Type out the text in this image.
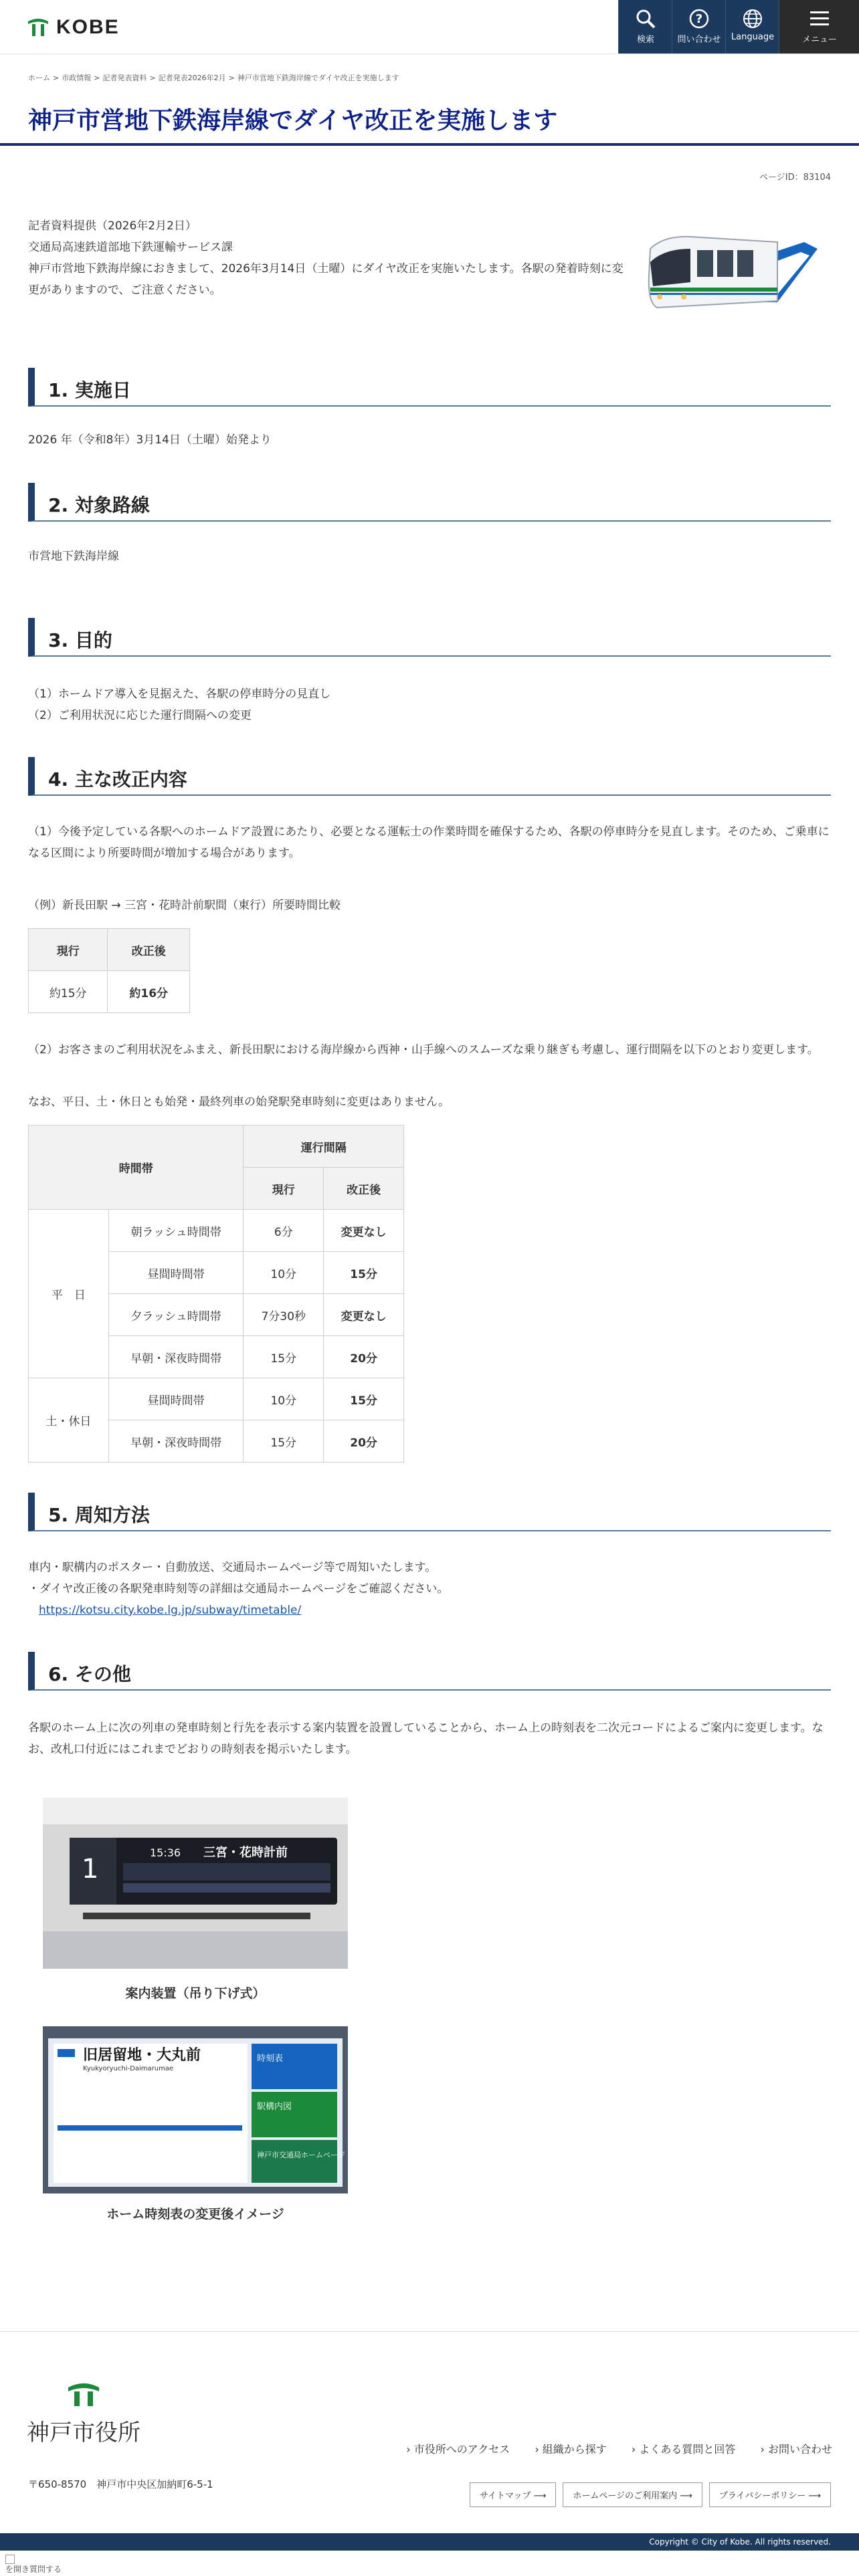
KOBE
検索
?
問い合わせ	Language	メニュー
ホーム > 市政情報 > 記者発表資料 > 記者発表2026年2月 > 神戸市営地下鉄海岸線でダイヤ改正を実施します
神戸市営地下鉄海岸線でダイヤ改正を実施します
ページID：83104

記者資料提供（2026年2月2日）

交通局高速鉄道部地下鉄運輸サービス課

神戸市営地下鉄海岸線におきまして、2026年3月14日（土曜）にダイヤ改正を実施いたします。各駅の発着時刻に変更がありますので、ご注意ください。

1. 実施日

2026 年（令和8年）3月14日（土曜）始発より

2. 対象路線

市営地下鉄海岸線

3. 目的

（1）ホームドア導入を見据えた、各駅の停車時分の見直し

（2）ご利用状況に応じた運行間隔への変更

4. 主な改正内容

（1）今後予定している各駅へのホームドア設置にあたり、必要となる運転士の作業時間を確保するため、各駅の停車時分を見直します。そのため、ご乗車になる区間により所要時間が増加する場合があります。

（例）新長田駅 → 三宮・花時計前駅間（東行）所要時間比較

現行	改正後
約15分	約16分

（2）お客さまのご利用状況をふまえ、新長田駅における海岸線から西神・山手線へのスムーズな乗り継ぎも考慮し、運行間隔を以下のとおり変更します。

なお、平日、土・休日とも始発・最終列車の始発駅発車時刻に変更はありません。

時間帯		運行間隔	
		現行	改正後
平　日	朝ラッシュ時間帯	6分	変更なし
	昼間時間帯	10分	15分
	夕ラッシュ時間帯	7分30秒	変更なし
	早朝・深夜時間帯	15分	20分
土・休日	昼間時間帯	10分	15分
	早朝・深夜時間帯	15分	20分
5. 周知方法

車内・駅構内のポスター・自動放送、交通局ホームページ等で周知いたします。

・ダイヤ改正後の各駅発車時刻等の詳細は交通局ホームページをご確認ください。

https://kotsu.city.kobe.lg.jp/subway/timetable/

6. その他

各駅のホーム上に次の列車の発車時刻と行先を表示する案内装置を設置していることから、ホーム上の時刻表を二次元コードによるご案内に変更します。なお、改札口付近にはこれまでどおりの時刻表を掲示いたします。

1
15:36 三宮・花時計前
案内装置（吊り下げ式）
旧居留地・大丸前
Kyukyoryuchi-Daimarumae
時刻表
駅構内図
神戸市交通局ホームページ
ホーム時刻表の変更後イメージ
神戸市役所
› 市役所へのアクセス › 組織から探す › よくある質問と回答 › お問い合わせ
〒650-8570　神戸市中央区加納町6-5-1
サイトマップ ⟶	ホームページのご利用案内 ⟶	プライバシーポリシー ⟶
Copyright © City of Kobe. All rights reserved.

を開き質問する
